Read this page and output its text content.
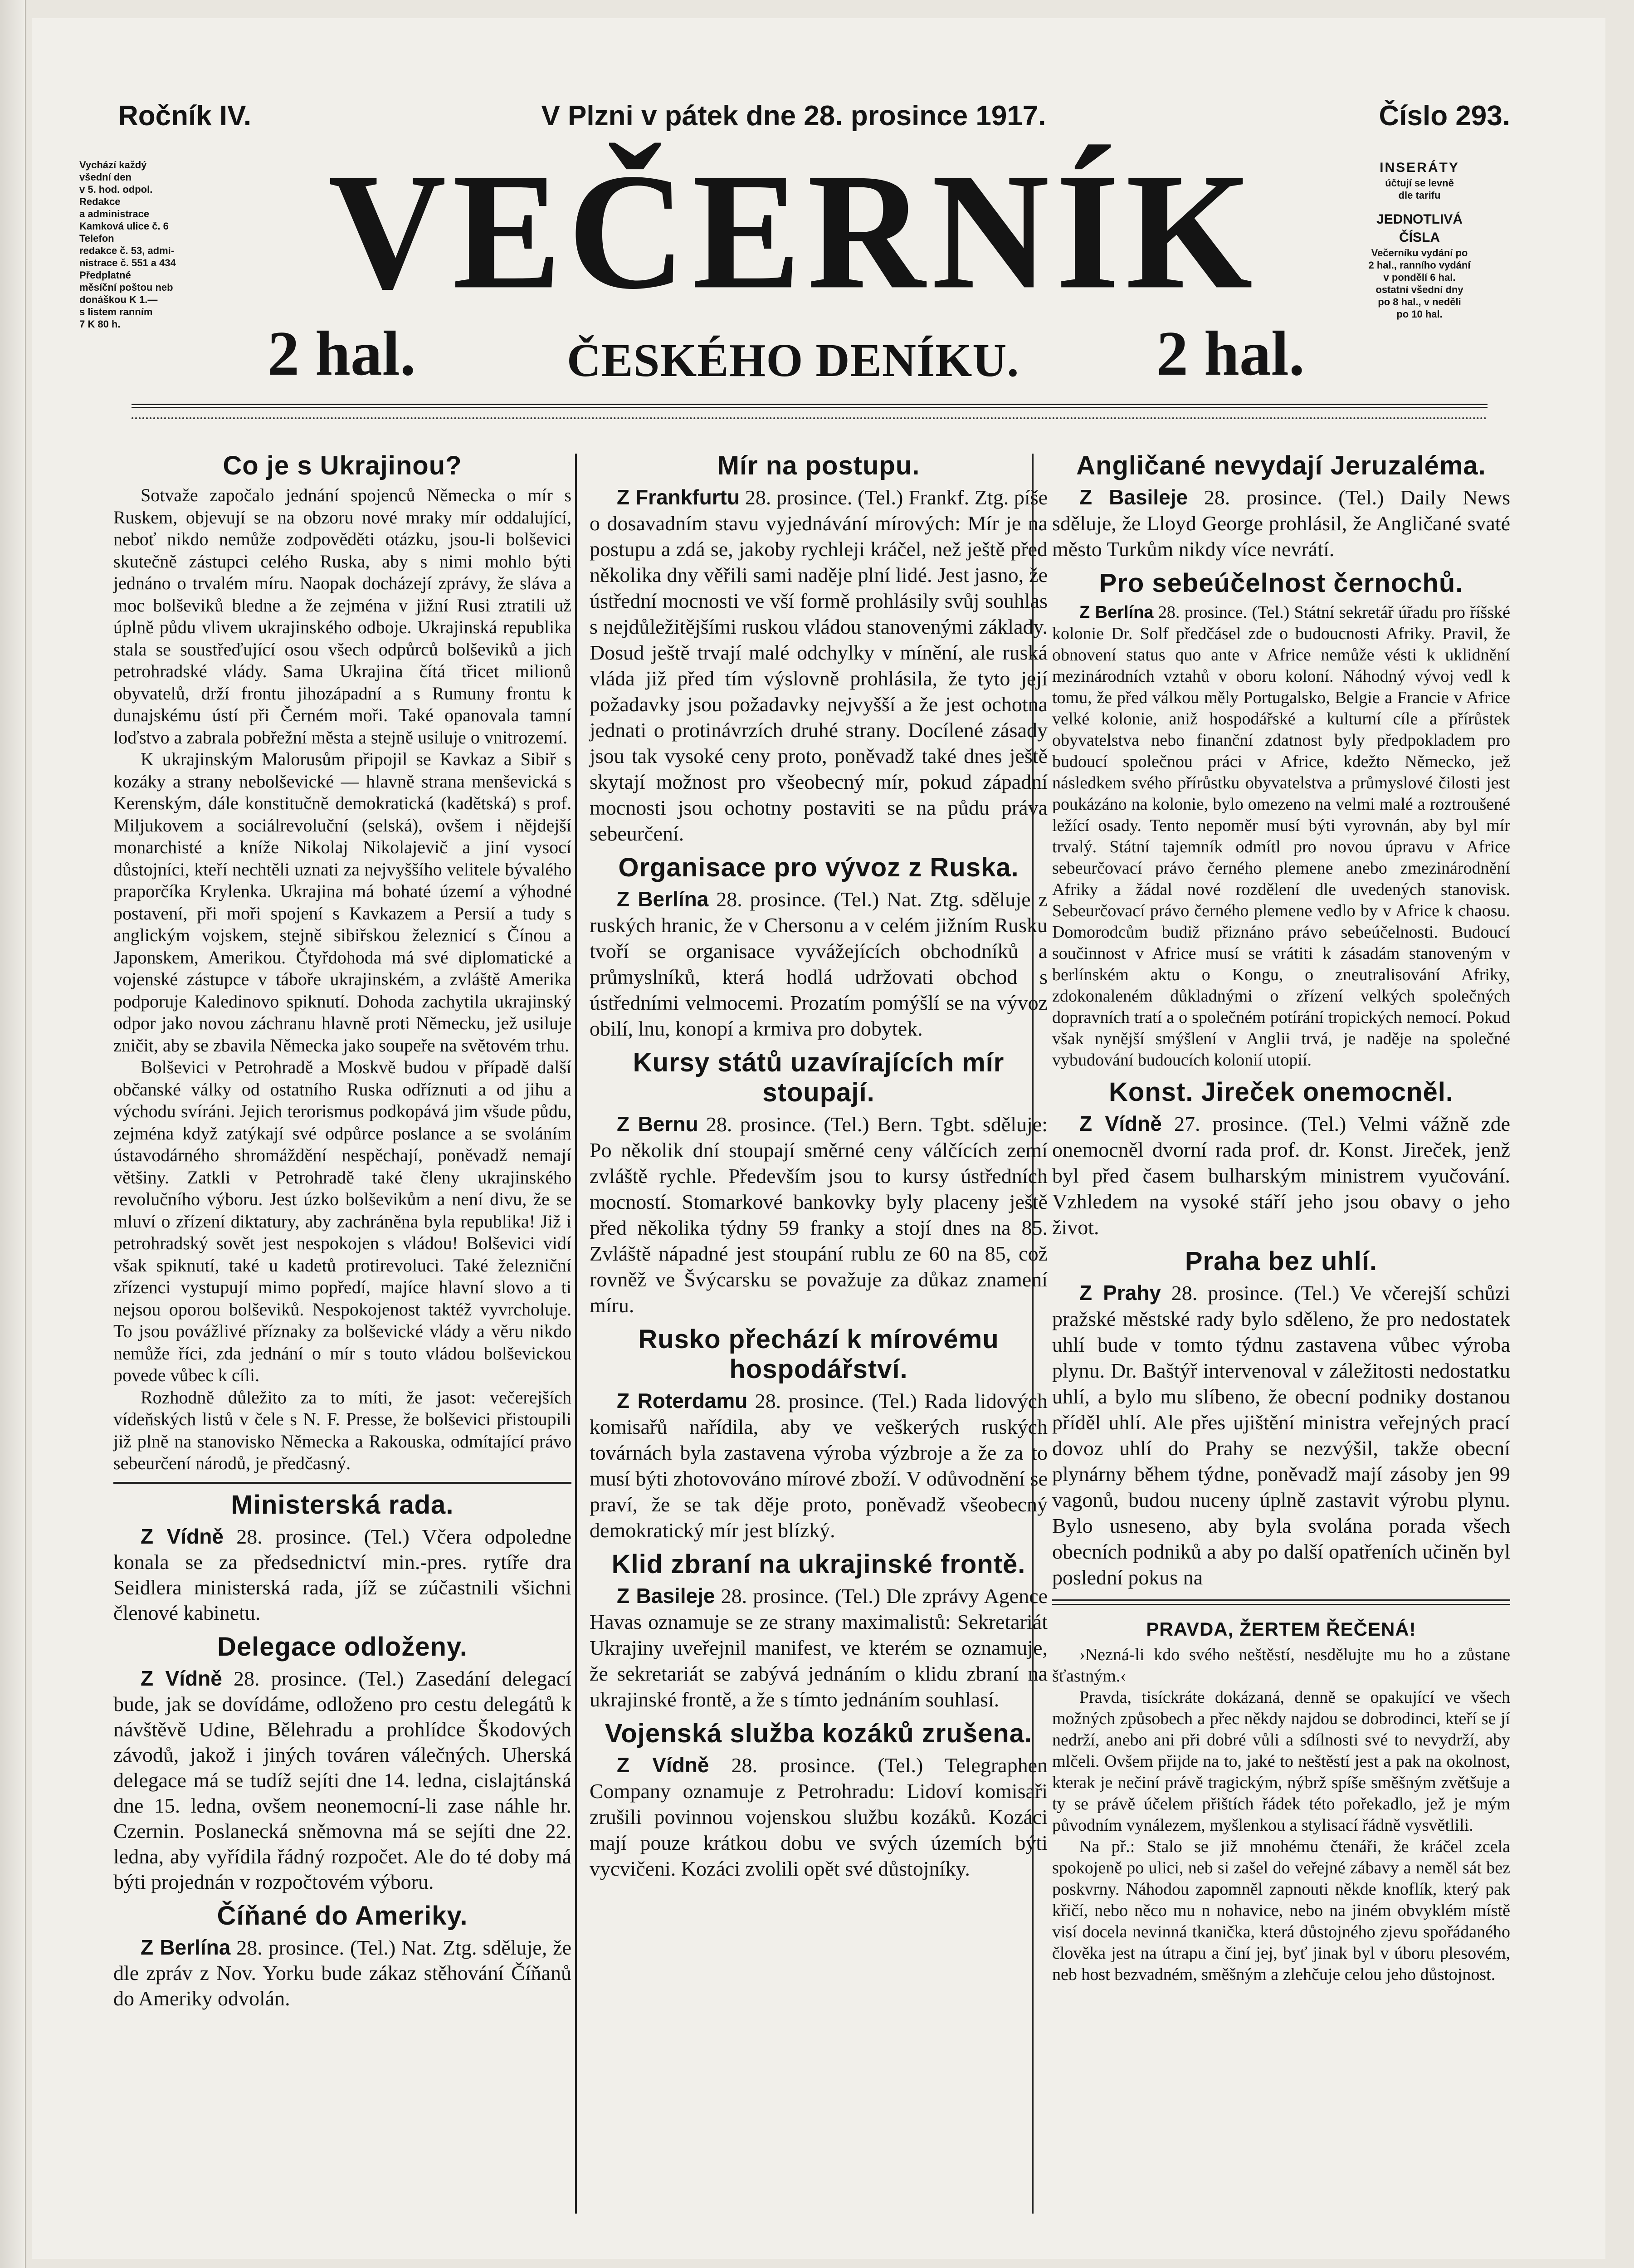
Ročník IV.	V Plzni v pátek dne 28. prosince 1917.	Číslo 293.
Vychází každý
všední den
v 5. hod. odpol.
Redakce
a administrace
Kamková ulice č. 6
Telefon
redakce č. 53, admi-
nistrace č. 551 a 434
Předplatné
měsíční poštou neb
donáškou K 1.—
s listem ranním
7 K 80 h.
INSERÁTY
účtují se levně
dle tarifu
JEDNOTLIVÁ
ČÍSLA
Večerníku vydání po
2 hal., ranního vydání
v pondělí 6 hal.
ostatní všední dny
po 8 hal., v neděli
po 10 hal.
VEČERNÍK
2 hal.	ČESKÉHO DENÍKU. 2 hal.
Co je s Ukrajinou?

Sotvaže započalo jednání spojenců Německa o mír s Ruskem, objevují se na obzoru nové mraky mír oddalující, neboť nikdo nemůže zodpověděti otázku, jsou-li bolševici skutečně zástupci celého Ruska, aby s nimi mohlo býti jednáno o trvalém míru. Naopak docházejí zprávy, že sláva a moc bolševiků bledne a že zejména v jižní Rusi ztratili už úplně půdu vlivem ukrajinského odboje. Ukrajinská republika stala se soustřeďující osou všech odpůrců bolševiků a jich petrohradské vlády. Sama Ukrajina čítá třicet milionů obyvatelů, drží frontu jihozápadní a s Rumuny frontu k dunajskému ústí při Černém moři. Také opanovala tamní loďstvo a zabrala pobřežní města a stejně usiluje o vnitrozemí.

K ukrajinským Malorusům připojil se Kavkaz a Sibiř s kozáky a strany nebolševické — hlavně strana menševická s Kerenským, dále konstitučně demokratická (kadětská) s prof. Miljukovem a sociálrevoluční (selská), ovšem i nějdejší monarchisté a kníže Nikolaj Nikolajevič a jiní vysocí důstojníci, kteří nechtěli uznati za nejvyššího velitele bývalého praporčíka Krylenka. Ukrajina má bohaté území a výhodné postavení, při moři spojení s Kavkazem a Persií a tudy s anglickým vojskem, stejně sibiřskou železnicí s Čínou a Japonskem, Amerikou. Čtyřdohoda má své diplomatické a vojenské zástupce v táboře ukrajinském, a zvláště Amerika podporuje Kaledinovo spiknutí. Dohoda zachytila ukrajinský odpor jako novou záchranu hlavně proti Německu, jež usiluje zničit, aby se zbavila Německa jako soupeře na světovém trhu.

Bolševici v Petrohradě a Moskvě budou v případě další občanské války od ostatního Ruska odříznuti a od jihu a východu svíráni. Jejich terorismus podkopává jim všude půdu, zejména když zatýkají své odpůrce poslance a se svoláním ústavodárného shromáždění nespěchají, poněvadž nemají většiny. Zatkli v Petrohradě také členy ukrajinského revolučního výboru. Jest úzko bolševikům a není divu, že se mluví o zřízení diktatury, aby zachráněna byla republika! Již i petrohradský sovět jest nespokojen s vládou! Bolševici vidí však spiknutí, také u kadetů protirevoluci. Také železniční zřízenci vystupují mimo popředí, majíce hlavní slovo a ti nejsou oporou bolševiků. Nespokojenost taktéž vyvrcholuje. To jsou povážlivé příznaky za bolševické vlády a věru nikdo nemůže říci, zda jednání o mír s touto vládou bolševickou povede vůbec k cíli.

Rozhodně důležito za to míti, že jasot: večerejších vídeňských listů v čele s N. F. Presse, že bolševici přistoupili již plně na stanovisko Německa a Rakouska, odmítající právo sebeurčení národů, je předčasný.

Ministerská rada.

Z Vídně 28. prosince. (Tel.) Včera odpoledne konala se za předsednictví min.-pres. rytíře dra Seidlera ministerská rada, jíž se zúčastnili všichni členové kabinetu.

Delegace odloženy.

Z Vídně 28. prosince. (Tel.) Zasedání delegací bude, jak se dovídáme, odloženo pro cestu delegátů k návštěvě Udine, Bělehradu a prohlídce Škodových závodů, jakož i jiných továren válečných. Uherská delegace má se tudíž sejíti dne 14. ledna, cislajtánská dne 15. ledna, ovšem neonemocní-li zase náhle hr. Czernin. Poslanecká sněmovna má se sejíti dne 22. ledna, aby vyřídila řádný rozpočet. Ale do té doby má býti projednán v rozpočtovém výboru.

Číňané do Ameriky.

Z Berlína 28. prosince. (Tel.) Nat. Ztg. sděluje, že dle zpráv z Nov. Yorku bude zákaz stěhování Číňanů do Ameriky odvolán.

Mír na postupu.

Z Frankfurtu 28. prosince. (Tel.) Frankf. Ztg. píše o dosavadním stavu vyjednávání mírových: Mír je na postupu a zdá se, jakoby rychleji kráčel, než ještě před několika dny věřili sami naděje plní lidé. Jest jasno, že ústřední mocnosti ve vší formě prohlásily svůj souhlas s nejdůležitějšími ruskou vládou stanovenými základy. Dosud ještě trvají malé odchylky v mínění, ale ruská vláda již před tím výslovně prohlásila, že tyto její požadavky jsou požadavky nejvyšší a že jest ochotna jednati o protinávrzích druhé strany. Docílené zásady jsou tak vysoké ceny proto, poněvadž také dnes ještě skytají možnost pro všeobecný mír, pokud západní mocnosti jsou ochotny postaviti se na půdu práva sebeurčení.

Organisace pro vývoz z Ruska.

Z Berlína 28. prosince. (Tel.) Nat. Ztg. sděluje z ruských hranic, že v Chersonu a v celém jižním Rusku tvoří se organisace vyvážejících obchodníků a průmyslníků, která hodlá udržovati obchod s ústředními velmocemi. Prozatím pomýšlí se na vývoz obilí, lnu, konopí a krmiva pro dobytek.

Kursy států uzavírajících mír stoupají.

Z Bernu 28. prosince. (Tel.) Bern. Tgbt. sděluje: Po několik dní stoupají směrné ceny válčících zemí zvláště rychle. Především jsou to kursy ústředních mocností. Stomarkové bankovky byly placeny ještě před několika týdny 59 franky a stojí dnes na 85. Zvláště nápadné jest stoupání rublu ze 60 na 85, což rovněž ve Švýcarsku se považuje za důkaz znamení míru.

Rusko přechází k mírovému hospodářství.

Z Roterdamu 28. prosince. (Tel.) Rada lidových komisařů nařídila, aby ve veškerých ruských továrnách byla zastavena výroba výzbroje a že za to musí býti zhotovováno mírové zboží. V odůvodnění se praví, že se tak děje proto, poněvadž všeobecný demokratický mír jest blízký.

Klid zbraní na ukrajinské frontě.

Z Basileje 28. prosince. (Tel.) Dle zprávy Agence Havas oznamuje se ze strany maximalistů: Sekretariát Ukrajiny uveřejnil manifest, ve kterém se oznamuje, že sekretariát se zabývá jednáním o klidu zbraní na ukrajinské frontě, a že s tímto jednáním souhlasí.

Vojenská služba kozáků zrušena.

Z Vídně 28. prosince. (Tel.) Telegraphen Company oznamuje z Petrohradu: Lidoví komisaři zrušili povinnou vojenskou službu kozáků. Kozáci mají pouze krátkou dobu ve svých územích býti vycvičeni. Kozáci zvolili opět své důstojníky.

Angličané nevydají Jeruzaléma.

Z Basileje 28. prosince. (Tel.) Daily News sděluje, že Lloyd George prohlásil, že Angličané svaté město Turkům nikdy více nevrátí.

Pro sebeúčelnost černochů.

Z Berlína 28. prosince. (Tel.) Státní sekretář úřadu pro říšské kolonie Dr. Solf předčásel zde o budoucnosti Afriky. Pravil, že obnovení status quo ante v Africe nemůže vésti k uklidnění mezinárodních vztahů v oboru koloní. Náhodný vývoj vedl k tomu, že před válkou měly Portugalsko, Belgie a Francie v Africe velké kolonie, aniž hospodářské a kulturní cíle a přírůstek obyvatelstva nebo finanční zdatnost byly předpokladem pro budoucí společnou práci v Africe, kdežto Německo, jež následkem svého přírůstku obyvatelstva a průmyslové čilosti jest poukázáno na kolonie, bylo omezeno na velmi malé a roztroušené ležící osady. Tento nepoměr musí býti vyrovnán, aby byl mír trvalý. Státní tajemník odmítl pro novou úpravu v Africe sebeurčovací právo černého plemene anebo zmezinárodnění Afriky a žádal nové rozdělení dle uvedených stanovisk. Sebeurčovací právo černého plemene vedlo by v Africe k chaosu. Domorodcům budiž přiznáno právo sebeúčelnosti. Budoucí součinnost v Africe musí se vrátiti k zásadám stanoveným v berlínském aktu o Kongu, o zneutralisování Afriky, zdokonaleném důkladnými o zřízení velkých společných dopravních tratí a o společném potírání tropických nemocí. Pokud však nynější smýšlení v Anglii trvá, je naděje na společné vybudování budoucích kolonií utopií.

Konst. Jireček onemocněl.

Z Vídně 27. prosince. (Tel.) Velmi vážně zde onemocněl dvorní rada prof. dr. Konst. Jireček, jenž byl před časem bulharským ministrem vyučování. Vzhledem na vysoké stáří jeho jsou obavy o jeho život.

Praha bez uhlí.

Z Prahy 28. prosince. (Tel.) Ve včerejší schůzi pražské městské rady bylo sděleno, že pro nedostatek uhlí bude v tomto týdnu zastavena vůbec výroba plynu. Dr. Baštýř intervenoval v záležitosti nedostatku uhlí, a bylo mu slíbeno, že obecní podniky dostanou příděl uhlí. Ale přes ujištění ministra veřejných prací dovoz uhlí do Prahy se nezvýšil, takže obecní plynárny během týdne, poněvadž mají zásoby jen 99 vagonů, budou nuceny úplně zastavit výrobu plynu. Bylo usneseno, aby byla svolána porada všech obecních podniků a aby po další opatřeních učiněn byl poslední pokus na

PRAVDA, ŽERTEM ŘEČENÁ!

›Nezná-li kdo svého neštěstí, nesdělujte mu ho a zůstane šťastným.‹

Pravda, tisíckráte dokázaná, denně se opakující ve všech možných způsobech a přec někdy najdou se dobrodinci, kteří se jí nedrží, anebo ani při dobré vůli a sdílnosti své to nevydrží, aby mlčeli. Ovšem přijde na to, jaké to neštěstí jest a pak na okolnost, kterak je nečiní právě tragickým, nýbrž spíše směšným zvětšuje a ty se právě účelem přištích řádek této pořekadlo, jež je mým původním vynálezem, myšlenkou a stylisací řádně vysvětlili.

Na př.: Stalo se již mnohému čtenáři, že kráčel zcela spokojeně po ulici, neb si zašel do veřejné zábavy a neměl sát bez poskvrny. Náhodou zapomněl zapnouti někde knoflík, který pak křičí, nebo něco mu n nohavice, nebo na jiném obvyklém místě visí docela nevinná tkanička, která důstojného zjevu spořádaného člověka jest na útrapu a činí jej, byť jinak byl v úboru plesovém, neb host bezvadném, směšným a zlehčuje celou jeho důstojnost.
